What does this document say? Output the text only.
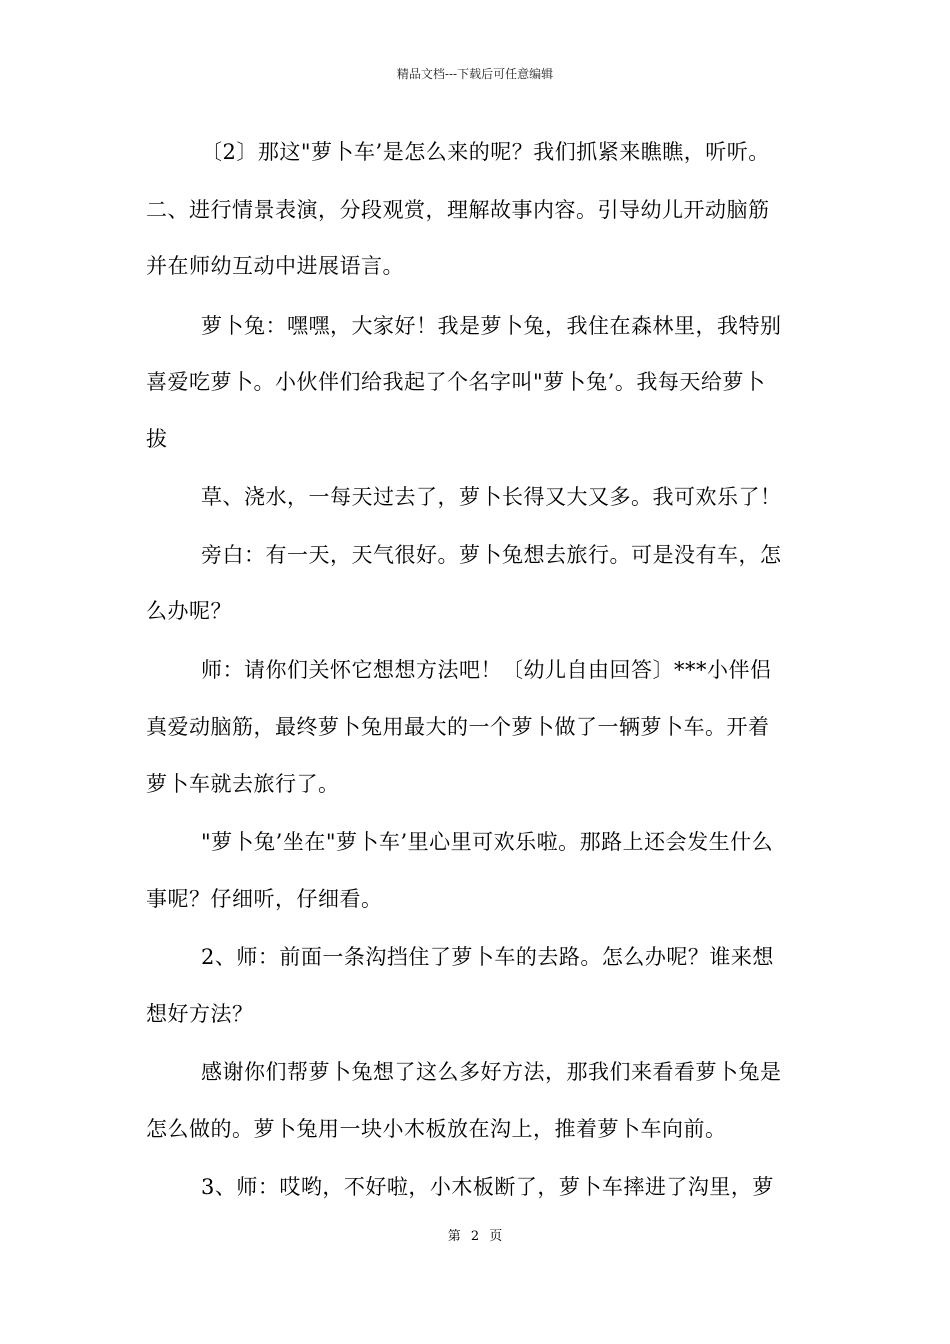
精品文档---下载后可任意编辑
〔2〕那这"萝卜车’是怎么来的呢？我们抓紧来瞧瞧，听听。
二、进行情景表演，分段观赏，理解故事内容。引导幼儿开动脑筋
并在师幼互动中进展语言。
萝卜兔：嘿嘿，大家好！我是萝卜兔，我住在森林里，我特别
喜爱吃萝卜。小伙伴们给我起了个名字叫"萝卜兔’。我每天给萝卜
拔
草、浇水，一每天过去了，萝卜长得又大又多。我可欢乐了！
旁白：有一天，天气很好。萝卜兔想去旅行。可是没有车，怎
么办呢？
师：请你们关怀它想想方法吧！〔幼儿自由回答〕***小伴侣
真爱动脑筋，最终萝卜兔用最大的一个萝卜做了一辆萝卜车。开着
萝卜车就去旅行了。
"萝卜兔’坐在"萝卜车’里心里可欢乐啦。那路上还会发生什么
事呢？仔细听，仔细看。
2、师：前面一条沟挡住了萝卜车的去路。怎么办呢？谁来想
想好方法？
感谢你们帮萝卜兔想了这么多好方法，那我们来看看萝卜兔是
怎么做的。萝卜兔用一块小木板放在沟上，推着萝卜车向前。
3、师：哎哟，不好啦，小木板断了，萝卜车摔进了沟里，萝
第 2 页
